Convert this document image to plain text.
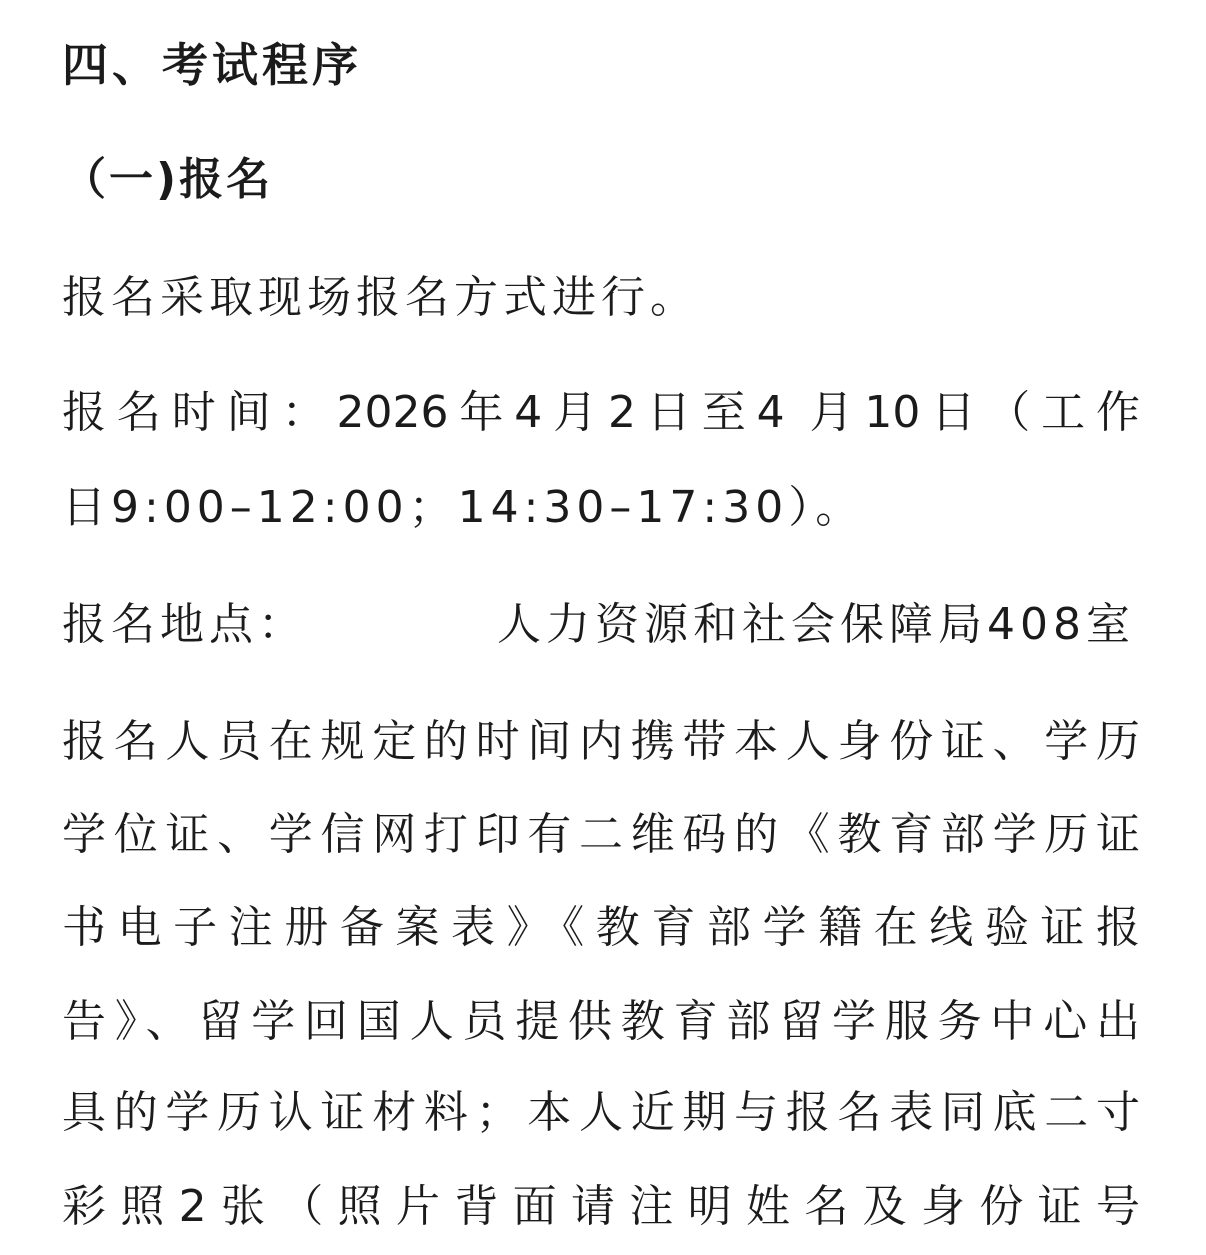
四、考试程序
（一)报名
报名采取现场报名方式进行。
报名时间：2026年4月2日至4 月10日（工作
日9:00–12:00；14:30–17:30）。
报名地点：	人力资源和社会保障局408室
报名人员在规定的时间内携带本人身份证、学历
学位证、学信网打印有二维码的《教育部学历证
书电子注册备案表》《教育部学籍在线验证报
告》、留学回国人员提供教育部留学服务中心出
具的学历认证材料；本人近期与报名表同底二寸
彩照2张（照片背面请注明姓名及身份证号
